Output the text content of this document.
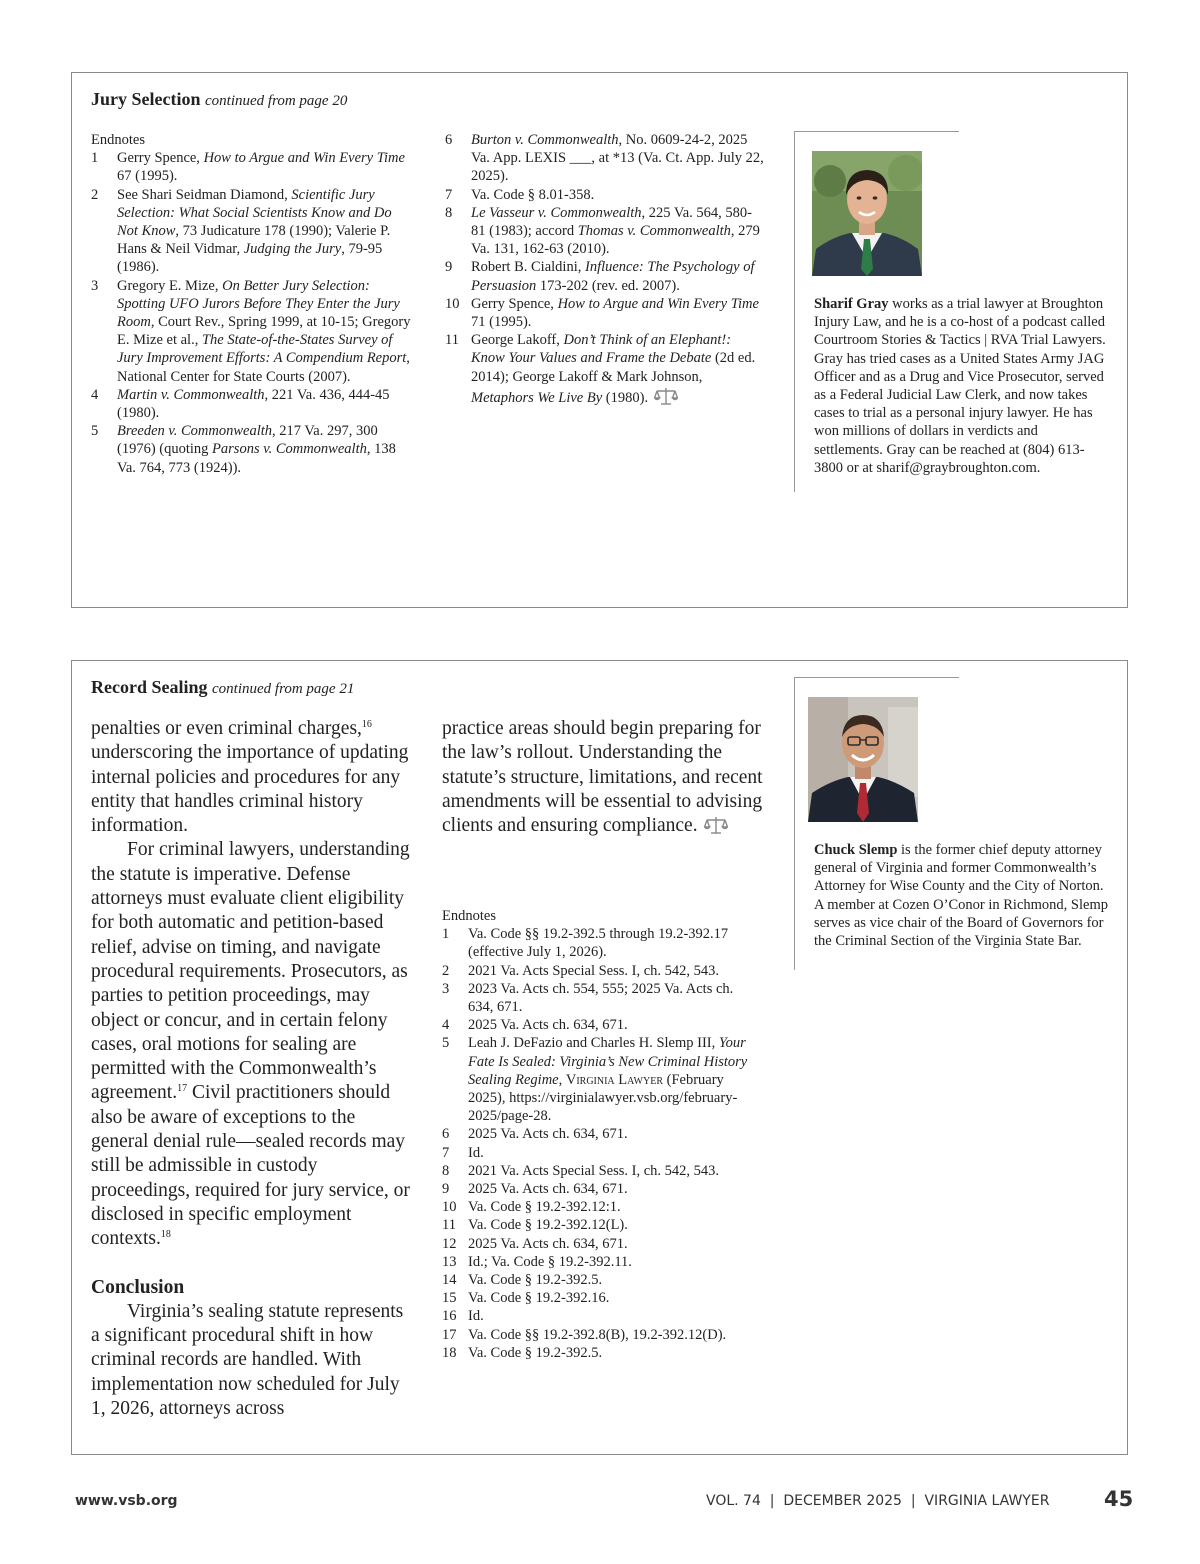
Jury Selection continued from page 20

Endnotes

1	Gerry Spence, How to Argue and Win Every Time 67 (1995).
2	See Shari Seidman Diamond, Scientific Jury Selection: What Social Scientists Know and Do Not Know, 73 Judicature 178 (1990); Valerie P. Hans & Neil Vidmar, Judging the Jury, 79-95 (1986).
3	Gregory E. Mize, On Better Jury Selection: Spotting UFO Jurors Before They Enter the Jury Room, Court Rev., Spring 1999, at 10-15; Gregory E. Mize et al., The State-of-the-States Survey of Jury Improvement Efforts: A Compendium Report, National Center for State Courts (2007).
4	Martin v. Commonwealth, 221 Va. 436, 444-45 (1980).
5	Breeden v. Commonwealth, 217 Va. 297, 300 (1976) (quoting Parsons v. Commonwealth, 138 Va. 764, 773 (1924)).
6	Burton v. Commonwealth, No. 0609-24-2, 2025 Va. App. LEXIS ___, at *13 (Va. Ct. App. July 22, 2025).
7	Va. Code § 8.01-358.
8	Le Vasseur v. Commonwealth, 225 Va. 564, 580-81 (1983); accord Thomas v. Commonwealth, 279 Va. 131, 162-63 (2010).
9	Robert B. Cialdini, Influence: The Psychology of Persuasion 173-202 (rev. ed. 2007).
10 Gerry Spence, How to Argue and Win Every Time 71 (1995).
11 George Lakoff, Don’t Think of an Elephant!: Know Your Values and Frame the Debate (2d ed. 2014); George Lakoff & Mark Johnson, Metaphors We Live By (1980).
Sharif Gray works as a trial lawyer at Broughton Injury Law, and he is a co-host of a podcast called Courtroom Stories & Tactics | RVA Trial Lawyers. Gray has tried cases as a United States Army JAG Officer and as a Drug and Vice Prosecutor, served as a Federal Judicial Law Clerk, and now takes cases to trial as a personal injury lawyer. He has won millions of dollars in verdicts and settlements. Gray can be reached at (804) 613-3800 or at sharif@graybroughton.com.
Record Sealing continued from page 21

penalties or even criminal charges,$^{16}$ underscoring the importance of updating internal policies and procedures for any entity that handles criminal history information.

For criminal lawyers, understanding the statute is imperative. Defense attorneys must evaluate client eligibility for both automatic and petition-based relief, advise on timing, and navigate procedural requirements. Prosecutors, as parties to petition proceedings, may object or concur, and in certain felony cases, oral motions for sealing are permitted with the Commonwealth’s agreement.$^{17}$ Civil practitioners should also be aware of exceptions to the general denial rule—sealed records may still be admissible in custody proceedings, required for jury service, or disclosed in specific employment contexts.$^{18}$

Conclusion

Virginia’s sealing statute represents a significant procedural shift in how criminal records are handled. With implementation now scheduled for July 1, 2026, attorneys across

practice areas should begin preparing for the law’s rollout. Understanding the statute’s structure, limitations, and recent amendments will be essential to advising clients and ensuring compliance.

Endnotes

1	Va. Code §§ 19.2-392.5 through 19.2-392.17 (effective July 1, 2026).
2	2021 Va. Acts Special Sess. I, ch. 542, 543.
3	2023 Va. Acts ch. 554, 555; 2025 Va. Acts ch. 634, 671.
4	2025 Va. Acts ch. 634, 671.
5	Leah J. DeFazio and Charles H. Slemp III, Your Fate Is Sealed: Virginia’s New Criminal History Sealing Regime, Virginia Lawyer (February 2025), https://virginialawyer.vsb.org/february-2025/page-28.
6	2025 Va. Acts ch. 634, 671.
7	Id.
8	2021 Va. Acts Special Sess. I, ch. 542, 543.
9	2025 Va. Acts ch. 634, 671.
10 Va. Code § 19.2-392.12:1.
11 Va. Code § 19.2-392.12(L).
12 2025 Va. Acts ch. 634, 671.
13 Id.; Va. Code § 19.2-392.11.
14 Va. Code § 19.2-392.5.
15 Va. Code § 19.2-392.16.
16 Id.
17 Va. Code §§ 19.2-392.8(B), 19.2-392.12(D).
18 Va. Code § 19.2-392.5.
Chuck Slemp is the former chief deputy attorney general of Virginia and former Commonwealth’s Attorney for Wise County and the City of Norton. A member at Cozen O’Conor in Richmond, Slemp serves as vice chair of the Board of Governors for the Criminal Section of the Virginia State Bar.
www.vsb.org	VOL. 74  |  DECEMBER 2025  |  VIRGINIA LAWYER	45
